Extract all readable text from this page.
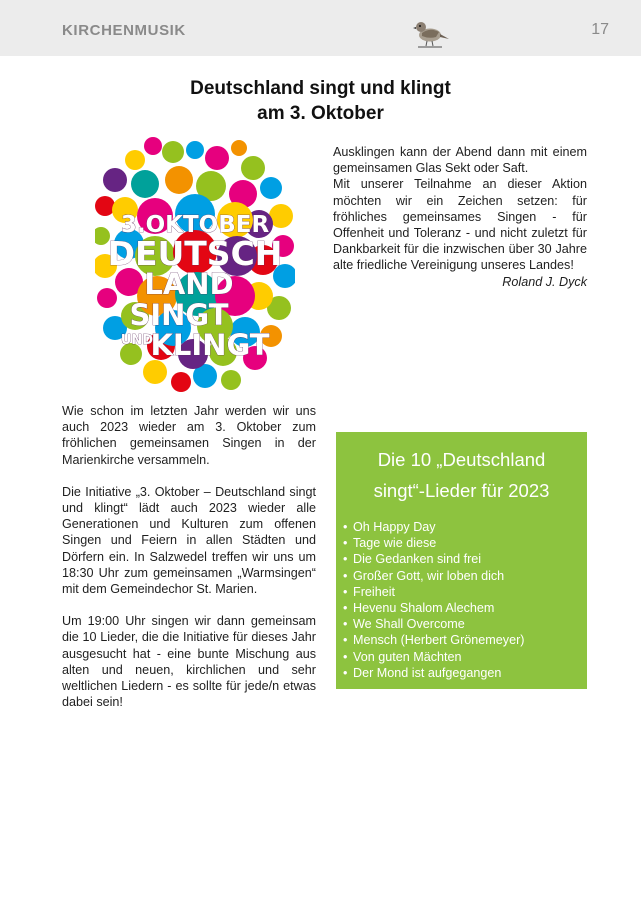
KIRCHENMUSIK	17
Deutschland singt und klingt
am 3. Oktober
3.OKTOBER
DEUTSCH
LAND
SINGT
UND
KLINGT

Ausklingen kann der Abend dann mit einem gemeinsamen Glas Sekt oder Saft.

Mit unserer Teilnahme an dieser Aktion möchten wir ein Zeichen setzen: für fröhliches gemeinsames Singen - für Offenheit und Toleranz - und nicht zuletzt für Dankbarkeit für die inzwischen über 30 Jahre alte friedliche Vereinigung unseres Landes!

Roland J. Dyck

Wie schon im letzten Jahr werden wir uns auch 2023 wieder am 3. Oktober zum fröhlichen gemeinsamen Singen in der Marienkirche versammeln.

Die Initiative „3. Oktober – Deutschland singt und klingt“ lädt auch 2023 wieder alle Generationen und Kulturen zum offenen Singen und Feiern in allen Städten und Dörfern ein. In Salzwedel treffen wir uns um 18:30 Uhr zum gemeinsamen „Warmsingen“ mit dem Gemeindechor St. Marien.

Um 19:00 Uhr singen wir dann gemeinsam die 10 Lieder, die die Initiative für dieses Jahr ausgesucht hat - eine bunte Mischung aus alten und neuen, kirchlichen und sehr weltlichen Liedern - es sollte für jede/n etwas dabei sein!

Die 10 „Deutschland
singt“-Lieder für 2023
• Oh Happy Day
• Tage wie diese
• Die Gedanken sind frei
• Großer Gott, wir loben dich
• Freiheit
• Hevenu Shalom Alechem
• We Shall Overcome
• Mensch (Herbert Grönemeyer)
• Von guten Mächten
• Der Mond ist aufgegangen
